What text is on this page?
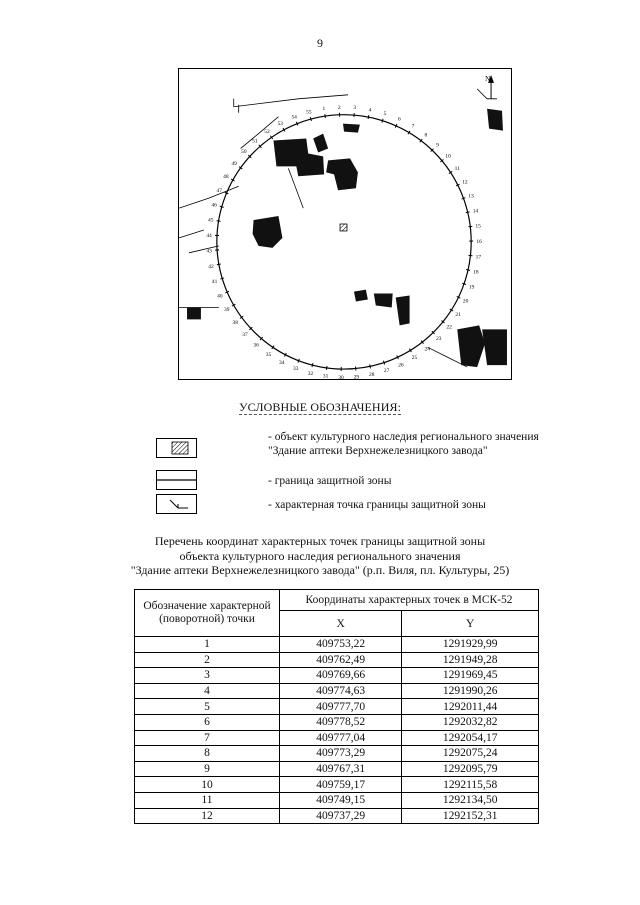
9
1 2 3 4
5
6
7
8
9
10
11
12
13
14
15
16
17
18
19
20
21
22
23
24
25
26
27
28
29
30
31
32
33
34
35
36
37
38
39
40
41
42
43
44
45
46
47
48
49
50
51
52
53
54
55
N
УСЛОВНЫЕ ОБОЗНАЧЕНИЯ:
- объект культурного наследия регионального значения "Здание аптеки Верхнежелезницкого завода"
- граница защитной зоны
- характерная точка границы защитной зоны
Перечень координат характерных точек границы защитной зоны
объекта культурного наследия регионального значения
"Здание аптеки Верхнежелезницкого завода" (р.п. Виля, пл. Культуры, 25)
Обозначение характерной (поворотной) точки	Координаты характерных точек в МСК-52	
	X	Y
1	409753,22	1291929,99
2	409762,49	1291949,28
3	409769,66	1291969,45
4	409774,63	1291990,26
5	409777,70	1292011,44
6	409778,52	1292032,82
7	409777,04	1292054,17
8	409773,29	1292075,24
9	409767,31	1292095,79
10	409759,17	1292115,58
11	409749,15	1292134,50
12	409737,29	1292152,31
